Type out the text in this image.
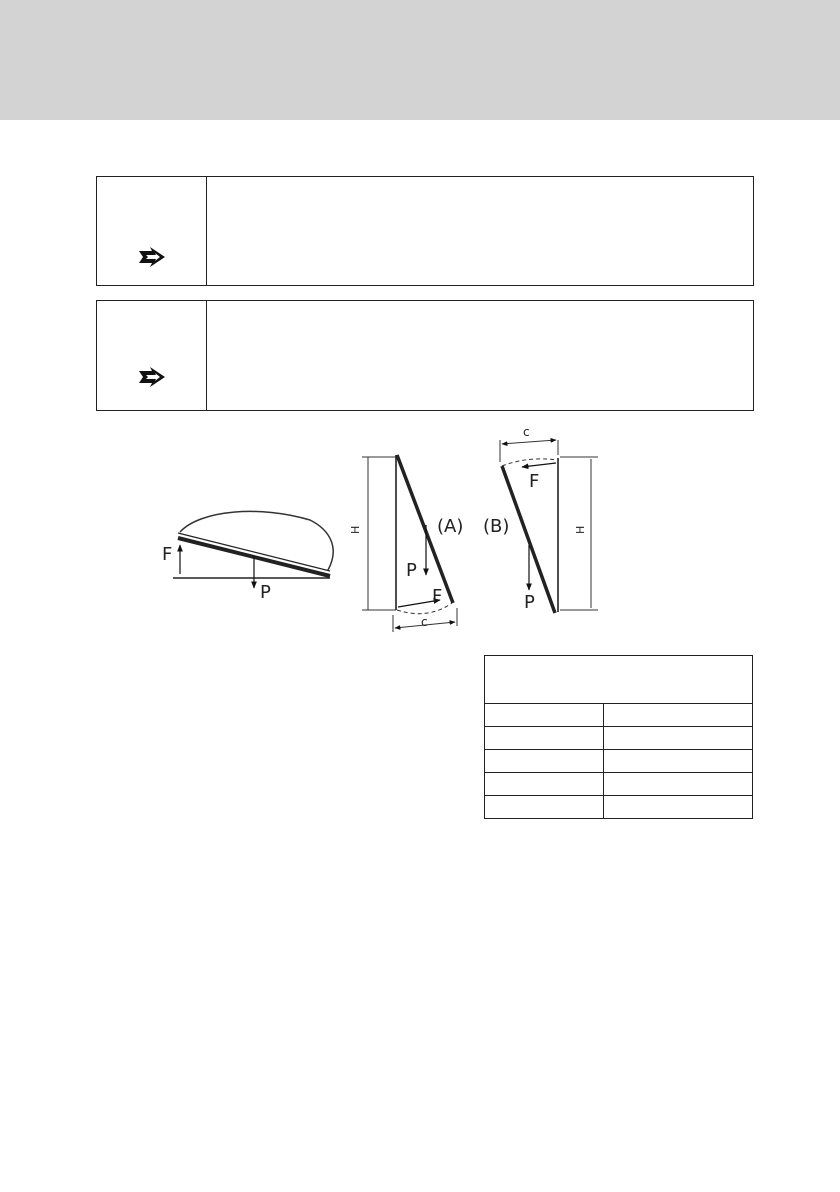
F
P
H
P
F
c
(A)
c
F
P
(B)	H
